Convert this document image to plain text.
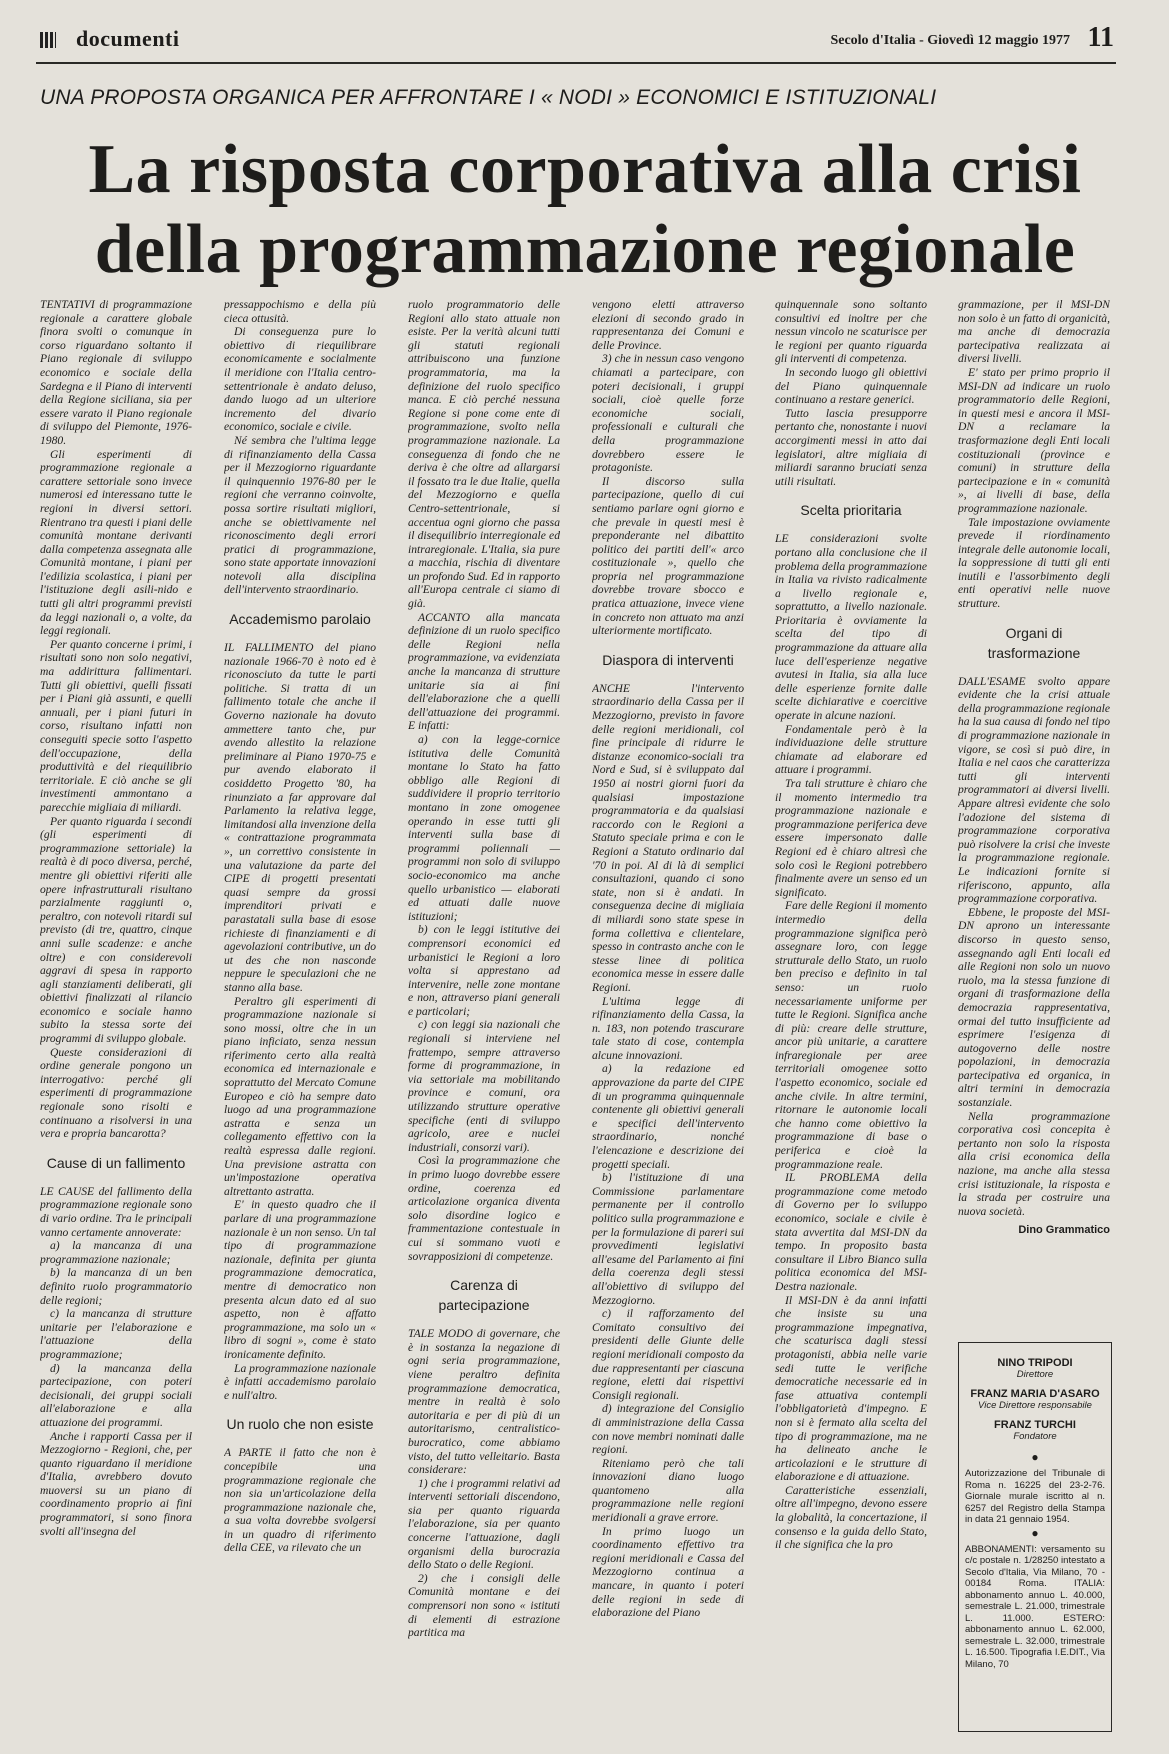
documenti	Secolo d'Italia - Giovedì 12 maggio 1977 11
UNA PROPOSTA ORGANICA PER AFFRONTARE I « NODI » ECONOMICI E ISTITUZIONALI
La risposta corporativa alla crisi
della programmazione regionale

TENTATIVI di programmazione regionale a carattere globale finora svolti o comunque in corso riguardano soltanto il Piano regionale di sviluppo economico e sociale della Sardegna e il Piano di interventi della Regione siciliana, sia per essere varato il Piano regionale di sviluppo del Piemonte, 1976-1980.

Gli esperimenti di programmazione regionale a carattere settoriale sono invece numerosi ed interessano tutte le regioni in diversi settori. Rientrano tra questi i piani delle comunità montane derivanti dalla competenza assegnata alle Comunità montane, i piani per l'edilizia scolastica, i piani per l'istituzione degli asili-nido e tutti gli altri programmi previsti da leggi nazionali o, a volte, da leggi regionali.

Per quanto concerne i primi, i risultati sono non solo negativi, ma addirittura fallimentari. Tutti gli obiettivi, quelli fissati per i Piani già assunti, e quelli annuali, per i piani futuri in corso, risultano infatti non conseguiti specie sotto l'aspetto dell'occupazione, della produttività e del riequilibrio territoriale. E ciò anche se gli investimenti ammontano a parecchie migliaia di miliardi.

Per quanto riguarda i secondi (gli esperimenti di programmazione settoriale) la realtà è di poco diversa, perché, mentre gli obiettivi riferiti alle opere infrastrutturali risultano parzialmente raggiunti o, peraltro, con notevoli ritardi sul previsto (di tre, quattro, cinque anni sulle scadenze: e anche oltre) e con considerevoli aggravi di spesa in rapporto agli stanziamenti deliberati, gli obiettivi finalizzati al rilancio economico e sociale hanno subito la stessa sorte dei programmi di sviluppo globale.

Queste considerazioni di ordine generale pongono un interrogativo: perché gli esperimenti di programmazione regionale sono risolti e continuano a risolversi in una vera e propria bancarotta?

Cause di un fallimento

LE CAUSE del fallimento della programmazione regionale sono di vario ordine. Tra le principali vanno certamente annoverate:

a) la mancanza di una programmazione nazionale;

b) la mancanza di un ben definito ruolo programmatorio delle regioni;

c) la mancanza di strutture unitarie per l'elaborazione e l'attuazione della programmazione;

d) la mancanza della partecipazione, con poteri decisionali, dei gruppi sociali all'elaborazione e alla attuazione dei programmi.

Anche i rapporti Cassa per il Mezzogiorno - Regioni, che, per quanto riguardano il meridione d'Italia, avrebbero dovuto muoversi su un piano di coordinamento proprio ai fini programmatori, si sono finora svolti all'insegna del

pressappochismo e della più cieca ottusità.

Di conseguenza pure lo obiettivo di riequilibrare economicamente e socialmente il meridione con l'Italia centro-settentrionale è andato deluso, dando luogo ad un ulteriore incremento del divario economico, sociale e civile.

Né sembra che l'ultima legge di rifinanziamento della Cassa per il Mezzogiorno riguardante il quinquennio 1976-80 per le regioni che verranno coinvolte, possa sortire risultati migliori, anche se obiettivamente nel riconoscimento degli errori pratici di programmazione, sono state apportate innovazioni notevoli alla disciplina dell'intervento straordinario.

Accademismo parolaio

IL FALLIMENTO del piano nazionale 1966-70 è noto ed è riconosciuto da tutte le parti politiche. Si tratta di un fallimento totale che anche il Governo nazionale ha dovuto ammettere tanto che, pur avendo allestito la relazione preliminare al Piano 1970-75 e pur avendo elaborato il cosiddetto Progetto '80, ha rinunziato a far approvare dal Parlamento la relativa legge, limitandosi alla invenzione della « contrattazione programmata », un correttivo consistente in una valutazione da parte del CIPE di progetti presentati quasi sempre da grossi imprenditori privati e parastatali sulla base di esose richieste di finanziamenti e di agevolazioni contributive, un do ut des che non nasconde neppure le speculazioni che ne stanno alla base.

Peraltro gli esperimenti di programmazione nazionale si sono mossi, oltre che in un piano inficiato, senza nessun riferimento certo alla realtà economica ed internazionale e soprattutto del Mercato Comune Europeo e ciò ha sempre dato luogo ad una programmazione astratta e senza un collegamento effettivo con la realtà espressa dalle regioni. Una previsione astratta con un'impostazione operativa altrettanto astratta.

E' in questo quadro che il parlare di una programmazione nazionale è un non senso. Un tal tipo di programmazione nazionale, definita per giunta programmazione democratica, mentre di democratico non presenta alcun dato ed al suo aspetto, non è affatto programmazione, ma solo un « libro di sogni », come è stato ironicamente definito.

La programmazione nazionale è infatti accademismo parolaio e null'altro.

Un ruolo che non esiste

A PARTE il fatto che non è concepibile una programmazione regionale che non sia un'articolazione della programmazione nazionale che, a sua volta dovrebbe svolgersi in un quadro di riferimento della CEE, va rilevato che un

ruolo programmatorio delle Regioni allo stato attuale non esiste. Per la verità alcuni tutti gli statuti regionali attribuiscono una funzione programmatoria, ma la definizione del ruolo specifico manca. E ciò perché nessuna Regione si pone come ente di programmazione, svolto nella programmazione nazionale. La conseguenza di fondo che ne deriva è che oltre ad allargarsi il fossato tra le due Italie, quella del Mezzogiorno e quella Centro-settentrionale, si accentua ogni giorno che passa il disequilibrio interregionale ed intraregionale. L'Italia, sia pure a macchia, rischia di diventare un profondo Sud. Ed in rapporto all'Europa centrale ci siamo di già.

ACCANTO alla mancata definizione di un ruolo specifico delle Regioni nella programmazione, va evidenziata anche la mancanza di strutture unitarie sia ai fini dell'elaborazione che a quelli dell'attuazione dei programmi. E infatti:

a) con la legge-cornice istitutiva delle Comunità montane lo Stato ha fatto obbligo alle Regioni di suddividere il proprio territorio montano in zone omogenee operando in esse tutti gli interventi sulla base di programmi poliennali — programmi non solo di sviluppo socio-economico ma anche quello urbanistico — elaborati ed attuati dalle nuove istituzioni;

b) con le leggi istitutive dei comprensori economici ed urbanistici le Regioni a loro volta si apprestano ad intervenire, nelle zone montane e non, attraverso piani generali e particolari;

c) con leggi sia nazionali che regionali si interviene nel frattempo, sempre attraverso forme di programmazione, in via settoriale ma mobilitando province e comuni, ora utilizzando strutture operative specifiche (enti di sviluppo agricolo, aree e nuclei industriali, consorzi vari).

Così la programmazione che in primo luogo dovrebbe essere ordine, coerenza ed articolazione organica diventa solo disordine logico e frammentazione contestuale in cui si sommano vuoti e sovrapposizioni di competenze.

Carenza di partecipazione

TALE MODO di governare, che è in sostanza la negazione di ogni seria programmazione, viene peraltro definita programmazione democratica, mentre in realtà è solo autoritaria e per di più di un autoritarismo, centralistico-burocratico, come abbiamo visto, del tutto velleitario. Basta considerare:

1) che i programmi relativi ad interventi settoriali discendono, sia per quanto riguarda l'elaborazione, sia per quanto concerne l'attuazione, dagli organismi della burocrazia dello Stato o delle Regioni.

2) che i consigli delle Comunità montane e dei comprensori non sono « istituti di elementi di estrazione partitica ma

vengono eletti attraverso elezioni di secondo grado in rappresentanza dei Comuni e delle Province.

3) che in nessun caso vengono chiamati a partecipare, con poteri decisionali, i gruppi sociali, cioè quelle forze economiche sociali, professionali e culturali che della programmazione dovrebbero essere le protagoniste.

Il discorso sulla partecipazione, quello di cui sentiamo parlare ogni giorno e che prevale in questi mesi è preponderante nel dibattito politico dei partiti dell'« arco costituzionale », quello che propria nel programmazione dovrebbe trovare sbocco e pratica attuazione, invece viene in concreto non attuato ma anzi ulteriormente mortificato.

Diaspora di interventi

ANCHE l'intervento straordinario della Cassa per il Mezzogiorno, previsto in favore delle regioni meridionali, col fine principale di ridurre le distanze economico-sociali tra Nord e Sud, si è sviluppato dal 1950 ai nostri giorni fuori da qualsiasi impostazione programmatoria e da qualsiasi raccordo con le Regioni a Statuto speciale prima e con le Regioni a Statuto ordinario dal '70 in poi. Al di là di semplici consultazioni, quando ci sono state, non si è andati. In conseguenza decine di migliaia di miliardi sono state spese in forma collettiva e clientelare, spesso in contrasto anche con le stesse linee di politica economica messe in essere dalle Regioni.

L'ultima legge di rifinanziamento della Cassa, la n. 183, non potendo trascurare tale stato di cose, contempla alcune innovazioni.

a) la redazione ed approvazione da parte del CIPE di un programma quinquennale contenente gli obiettivi generali e specifici dell'intervento straordinario, nonché l'elencazione e descrizione dei progetti speciali.

b) l'istituzione di una Commissione parlamentare permanente per il controllo politico sulla programmazione e per la formulazione di pareri sui provvedimenti legislativi all'esame del Parlamento ai fini della coerenza degli stessi all'obiettivo di sviluppo del Mezzogiorno.

c) il rafforzamento del Comitato consultivo dei presidenti delle Giunte delle regioni meridionali composto da due rappresentanti per ciascuna regione, eletti dai rispettivi Consigli regionali.

d) integrazione del Consiglio di amministrazione della Cassa con nove membri nominati dalle regioni.

Riteniamo però che tali innovazioni diano luogo quantomeno alla programmazione nelle regioni meridionali a grave errore.

In primo luogo un coordinamento effettivo tra regioni meridionali e Cassa del Mezzogiorno continua a mancare, in quanto i poteri delle regioni in sede di elaborazione del Piano

quinquennale sono soltanto consultivi ed inoltre per che nessun vincolo ne scaturisce per le regioni per quanto riguarda gli interventi di competenza.

In secondo luogo gli obiettivi del Piano quinquennale continuano a restare generici.

Tutto lascia presupporre pertanto che, nonostante i nuovi accorgimenti messi in atto dai legislatori, altre migliaia di miliardi saranno bruciati senza utili risultati.

Scelta prioritaria

LE considerazioni svolte portano alla conclusione che il problema della programmazione in Italia va rivisto radicalmente a livello regionale e, soprattutto, a livello nazionale. Prioritaria è ovviamente la scelta del tipo di programmazione da attuare alla luce dell'esperienze negative avutesi in Italia, sia alla luce delle esperienze fornite dalle scelte dichiarative e coercitive operate in alcune nazioni.

Fondamentale però è la individuazione delle strutture chiamate ad elaborare ed attuare i programmi.

Tra tali strutture è chiaro che il momento intermedio tra programmazione nazionale e programmazione periferica deve essere impersonato dalle Regioni ed è chiaro altresì che solo così le Regioni potrebbero finalmente avere un senso ed un significato.

Fare delle Regioni il momento intermedio della programmazione significa però assegnare loro, con legge strutturale dello Stato, un ruolo ben preciso e definito in tal senso: un ruolo necessariamente uniforme per tutte le Regioni. Significa anche di più: creare delle strutture, ancor più unitarie, a carattere infraregionale per aree territoriali omogenee sotto l'aspetto economico, sociale ed anche civile. In altre termini, ritornare le autonomie locali che hanno come obiettivo la programmazione di base o periferica e cioè la programmazione reale.

IL PROBLEMA della programmazione come metodo di Governo per lo sviluppo economico, sociale e civile è stata avvertita dal MSI-DN da tempo. In proposito basta consultare il Libro Bianco sulla politica economica del MSI-Destra nazionale.

Il MSI-DN è da anni infatti che insiste su una programmazione impegnativa, che scaturisca dagli stessi protagonisti, abbia nelle varie sedi tutte le verifiche democratiche necessarie ed in fase attuativa contempli l'obbligatorietà d'impegno. E non si è fermato alla scelta del tipo di programmazione, ma ne ha delineato anche le articolazioni e le strutture di elaborazione e di attuazione.

Caratteristiche essenziali, oltre all'impegno, devono essere la globalità, la concertazione, il consenso e la guida dello Stato, il che significa che la pro

grammazione, per il MSI-DN non solo è un fatto di organicità, ma anche di democrazia partecipativa realizzata ai diversi livelli.

E' stato per primo proprio il MSI-DN ad indicare un ruolo programmatorio delle Regioni, in questi mesi e ancora il MSI-DN a reclamare la trasformazione degli Enti locali costituzionali (province e comuni) in strutture della partecipazione e in « comunità », ai livelli di base, della programmazione nazionale.

Tale impostazione ovviamente prevede il riordinamento integrale delle autonomie locali, la soppressione di tutti gli enti inutili e l'assorbimento degli enti operativi nelle nuove strutture.

Organi di trasformazione

DALL'ESAME svolto appare evidente che la crisi attuale della programmazione regionale ha la sua causa di fondo nel tipo di programmazione nazionale in vigore, se così si può dire, in Italia e nel caos che caratterizza tutti gli interventi programmatori ai diversi livelli. Appare altresì evidente che solo l'adozione del sistema di programmazione corporativa può risolvere la crisi che investe la programmazione regionale. Le indicazioni fornite si riferiscono, appunto, alla programmazione corporativa.

Ebbene, le proposte del MSI-DN aprono un interessante discorso in questo senso, assegnando agli Enti locali ed alle Regioni non solo un nuovo ruolo, ma la stessa funzione di organi di trasformazione della democrazia rappresentativa, ormai del tutto insufficiente ad esprimere l'esigenza di autogoverno delle nostre popolazioni, in democrazia partecipativa ed organica, in altri termini in democrazia sostanziale.

Nella programmazione corporativa così concepita è pertanto non solo la risposta alla crisi economica della nazione, ma anche alla stessa crisi istituzionale, la risposta e la strada per costruire una nuova società.

Dino Grammatico
NINO TRIPODI
Direttore
FRANZ MARIA D'ASARO
Vice Direttore responsabile
FRANZ TURCHI
Fondatore
●
Autorizzazione del Tribunale di Roma n. 16225 del 23-2-76. Giornale murale iscritto al n. 6257 del Registro della Stampa in data 21 gennaio 1954.
●
ABBONAMENTI: versamento su c/c postale n. 1/28250 intestato a Secolo d'Italia, Via Milano, 70 - 00184 Roma. ITALIA: abbonamento annuo L. 40.000, semestrale L. 21.000, trimestrale L. 11.000. ESTERO: abbonamento annuo L. 62.000, semestrale L. 32.000, trimestrale L. 16.500. Tipografia I.E.DIT., Via Milano, 70
